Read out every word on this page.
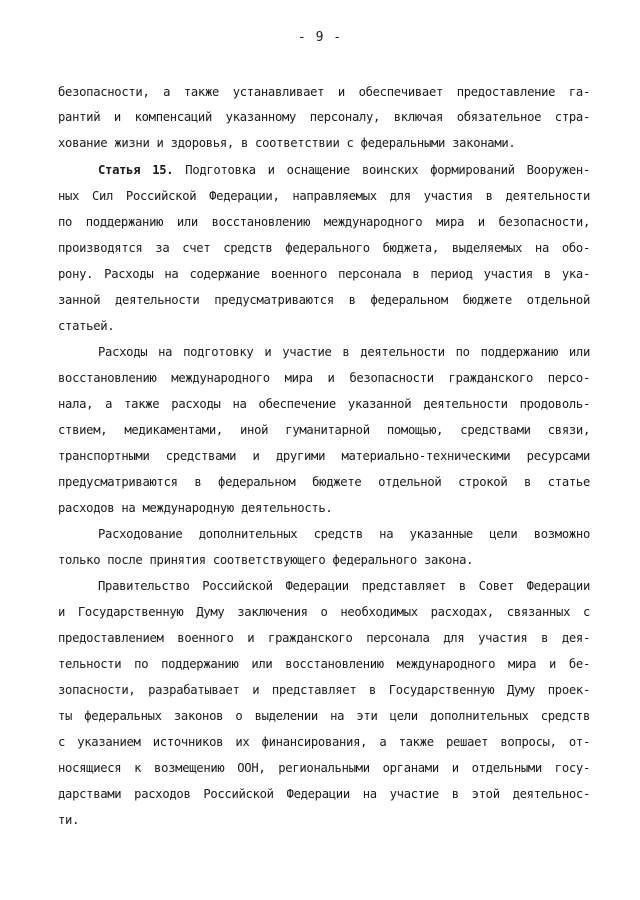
- 9 -
безопасности, а также устанавливает и обеспечивает предоставление га-
рантий и компенсаций указанному персоналу, включая обязательное стра-
хование жизни и здоровья, в соответствии с федеральными законами.
Статья 15. Подготовка и оснащение воинских формирований Вооружен-
ных Сил Российской Федерации, направляемых для участия в деятельности
по поддержанию или восстановлению международного мира и безопасности,
производятся за счет средств федерального бюджета, выделяемых на обо-
рону. Расходы на содержание военного персонала в период участия в ука-
занной деятельности предусматриваются в федеральном бюджете отдельной
статьей.
Расходы на подготовку и участие в деятельности по поддержанию или
восстановлению международного мира и безопасности гражданского персо-
нала, а также расходы на обеспечение указанной деятельности продоволь-
ствием, медикаментами, иной гуманитарной помощью, средствами связи,
транспортными средствами и другими материально-техническими ресурсами
предусматриваются в федеральном бюджете отдельной строкой в статье
расходов на международную деятельность.
Расходование дополнительных средств на указанные цели возможно
только после принятия соответствующего федерального закона.
Правительство Российской Федерации представляет в Совет Федерации
и Государственную Думу заключения о необходимых расходах, связанных с
предоставлением военного и гражданского персонала для участия в дея-
тельности по поддержанию или восстановлению международного мира и бе-
зопасности, разрабатывает и представляет в Государственную Думу проек-
ты федеральных законов о выделении на эти цели дополнительных средств
с указанием источников их финансирования, а также решает вопросы, от-
носящиеся к возмещению ООН, региональными органами и отдельными госу-
дарствами расходов Российской Федерации на участие в этой деятельнос-
ти.
